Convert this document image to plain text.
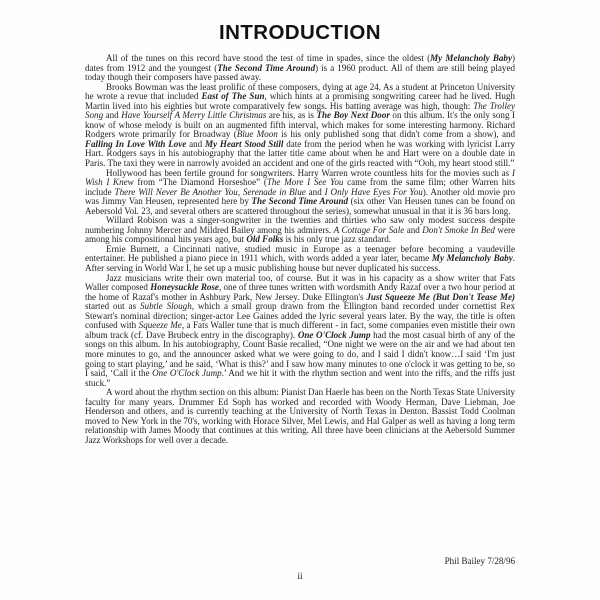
INTRODUCTION

All of the tunes on this record have stood the test of time in spades, since the oldest (My Melancholy Baby) dates from 1912 and the youngest (The Second Time Around) is a 1960 product. All of them are still being played today though their composers have passed away.

Brooks Bowman was the least prolific of these composers, dying at age 24. As a student at Princeton University he wrote a revue that included East of The Sun, which hints at a promising songwriting career had he lived. Hugh Martin lived into his eighties but wrote comparatively few songs. His batting average was high, though: The Trolley Song and Have Yourself A Merry Little Christmas are his, as is The Boy Next Door on this album. It's the only song I know of whose melody is built on an augmented fifth interval, which makes for some interesting harmony. Richard Rodgers wrote primarily for Broadway (Blue Moon is his only published song that didn't come from a show), and Falling In Love With Love and My Heart Stood Still date from the period when he was working with lyricist Larry Hart. Rodgers says in his autobiography that the latter title came about when he and Hart were on a double date in Paris. The taxi they were in narrowly avoided an accident and one of the girls reacted with “Ooh, my heart stood still.”

Hollywood has been fertile ground for songwriters. Harry Warren wrote countless hits for the movies such as I Wish I Knew from “The Diamond Horseshoe” (The More I See You came from the same film; other Warren hits include There Will Never Be Another You, Serenade in Blue and I Only Have Eyes For You). Another old movie pro was Jimmy Van Heusen, represented here by The Second Time Around (six other Van Heusen tunes can be found on Aebersold Vol. 23, and several others are scattered throughout the series), somewhat unusual in that it is 36 bars long.

Willard Robison was a singer-songwriter in the twenties and thirties who saw only modest success despite numbering Johnny Mercer and Mildred Bailey among his admirers. A Cottage For Sale and Don't Smoke In Bed were among his compositional hits years ago, but Old Folks is his only true jazz standard.

Ernie Burnett, a Cincinnati native, studied music in Europe as a teenager before becoming a vaudeville entertainer. He published a piano piece in 1911 which, with words added a year later, became My Melancholy Baby. After serving in World War I, he set up a music publishing house but never duplicated his success.

Jazz musicians write their own material too, of course. But it was in his capacity as a show writer that Fats Waller composed Honeysuckle Rose, one of three tunes written with wordsmith Andy Razaf over a two hour period at the home of Razaf's mother in Ashbury Park, New Jersey. Duke Ellington's Just Squeeze Me (But Don't Tease Me) started out as Subtle Slough, which a small group drawn from the Ellington band recorded under cornettist Rex Stewart's nominal direction; singer-actor Lee Gaines added the lyric several years later. By the way, the title is often confused with Squeeze Me, a Fats Waller tune that is much different - in fact, some companies even mistitle their own album track (cf. Dave Brubeck entry in the discography). One O'Clock Jump had the most casual birth of any of the songs on this album. In his autobiography, Count Basie recalled, “One night we were on the air and we had about ten more minutes to go, and the announcer asked what we were going to do, and I said I didn't know…I said ‘I'm just going to start playing,’ and he said, ‘What is this?’ and I saw how many minutes to one o'clock it was getting to be, so I said, ‘Call it the One O'Clock Jump.’ And we hit it with the rhythm section and went into the riffs, and the riffs just stuck.”

A word about the rhythm section on this album: Pianist Dan Haerle has been on the North Texas State University faculty for many years. Drummer Ed Soph has worked and recorded with Woody Herman, Dave Liebman, Joe Henderson and others, and is currently teaching at the University of North Texas in Denton. Bassist Todd Coolman moved to New York in the 70's, working with Horace Silver, Mel Lewis, and Hal Galper as well as having a long term relationship with James Moody that continues at this writing. All three have been clinicians at the Aebersold Summer Jazz Workshops for well over a decade.

Phil Bailey 7/28/96
ii
